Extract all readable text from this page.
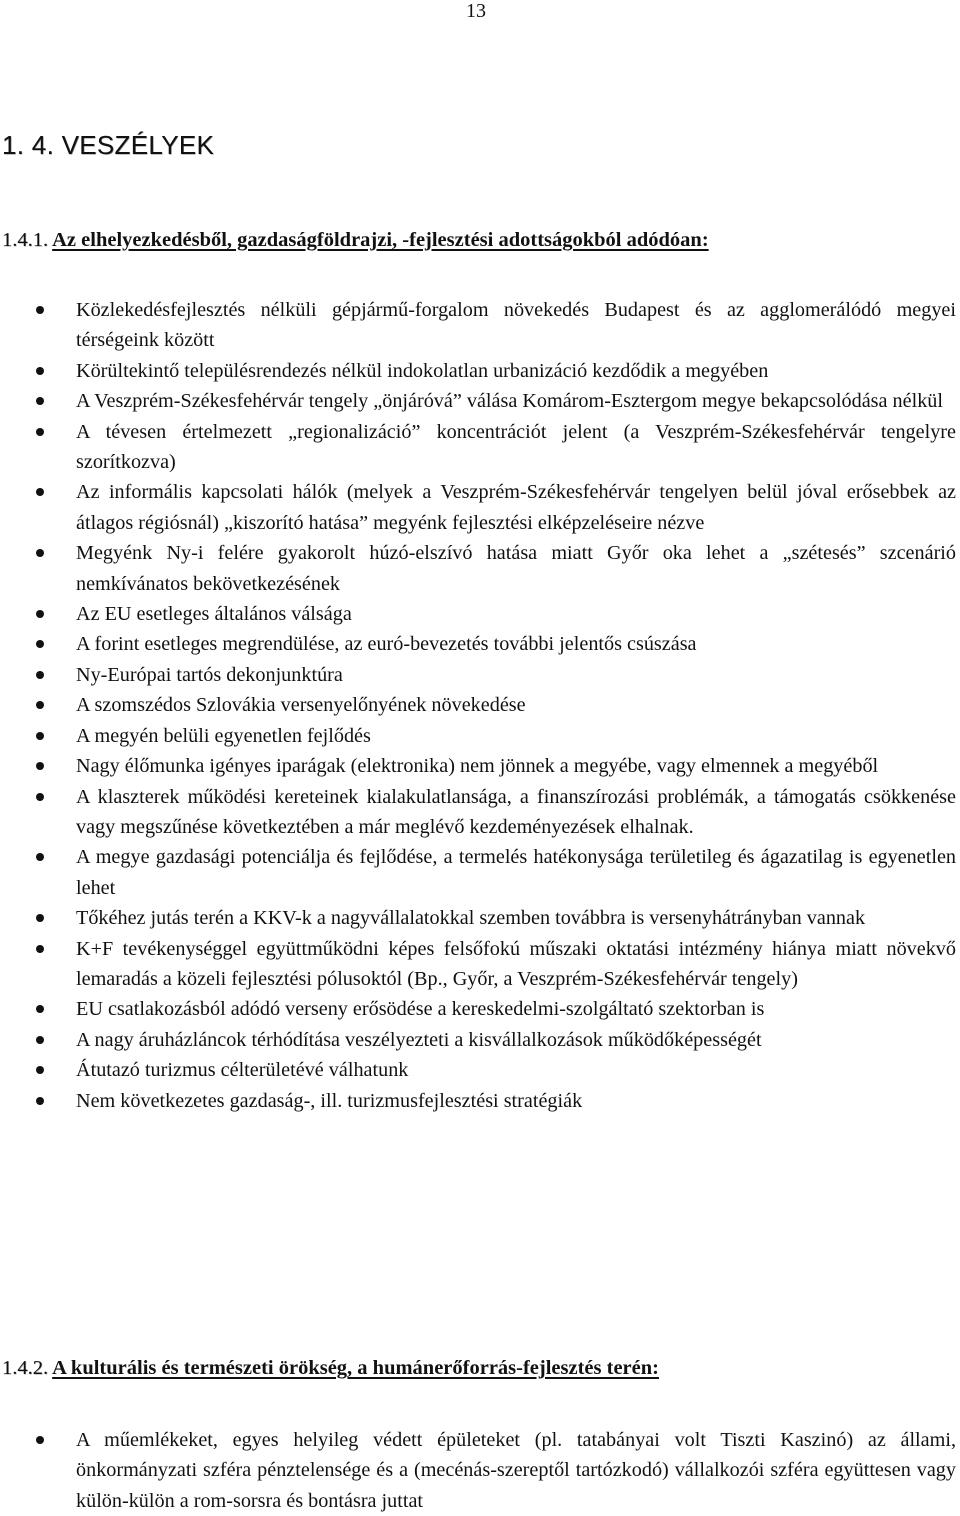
13
1. 4. VESZÉLYEK
1.4.1. Az elhelyezkedésből, gazdaságföldrajzi, -fejlesztési adottságokból adódóan:
Közlekedésfejlesztés nélküli gépjármű-forgalom növekedés Budapest és az agglomerálódó megyei térségeink között
Körültekintő településrendezés nélkül indokolatlan urbanizáció kezdődik a megyében
A Veszprém-Székesfehérvár tengely „önjáróvá” válása Komárom-Esztergom megye bekapcsolódása nélkül
A tévesen értelmezett „regionalizáció” koncentrációt jelent (a Veszprém-Székesfehérvár tengelyre szorítkozva)
Az informális kapcsolati hálók (melyek a Veszprém-Székesfehérvár tengelyen belül jóval erősebbek az átlagos régiósnál) „kiszorító hatása” megyénk fejlesztési elképzeléseire nézve
Megyénk Ny-i felére gyakorolt húzó-elszívó hatása miatt Győr oka lehet a „szétesés” szcenárió nemkívánatos bekövetkezésének
Az EU esetleges általános válsága
A forint esetleges megrendülése, az euró-bevezetés további jelentős csúszása
Ny-Európai tartós dekonjunktúra
A szomszédos Szlovákia versenyelőnyének növekedése
A megyén belüli egyenetlen fejlődés
Nagy élőmunka igényes iparágak (elektronika) nem jönnek a megyébe, vagy elmennek a megyéből
A klaszterek működési kereteinek kialakulatlansága, a finanszírozási problémák, a támogatás csökkenése vagy megszűnése következtében a már meglévő kezdeményezések elhalnak.
A megye gazdasági potenciálja és fejlődése, a termelés hatékonysága területileg és ágazatilag is egyenetlen lehet
Tőkéhez jutás terén a KKV-k a nagyvállalatokkal szemben továbbra is versenyhátrányban vannak
K+F tevékenységgel együttműködni képes felsőfokú műszaki oktatási intézmény hiánya miatt növekvő lemaradás a közeli fejlesztési pólusoktól (Bp., Győr, a Veszprém-Székesfehérvár tengely)
EU csatlakozásból adódó verseny erősödése a kereskedelmi-szolgáltató szektorban is
A nagy áruházláncok térhódítása veszélyezteti a kisvállalkozások működőképességét
Átutazó turizmus célterületévé válhatunk
Nem következetes gazdaság-, ill. turizmusfejlesztési stratégiák
1.4.2. A kulturális és természeti örökség, a humánerőforrás-fejlesztés terén:
A műemlékeket, egyes helyileg védett épületeket (pl. tatabányai volt Tiszti Kaszinó) az állami, önkormányzati szféra pénztelensége és a (mecénás-szereptől tartózkodó) vállalkozói szféra együttesen vagy külön-külön a rom-sorsra és bontásra juttat
